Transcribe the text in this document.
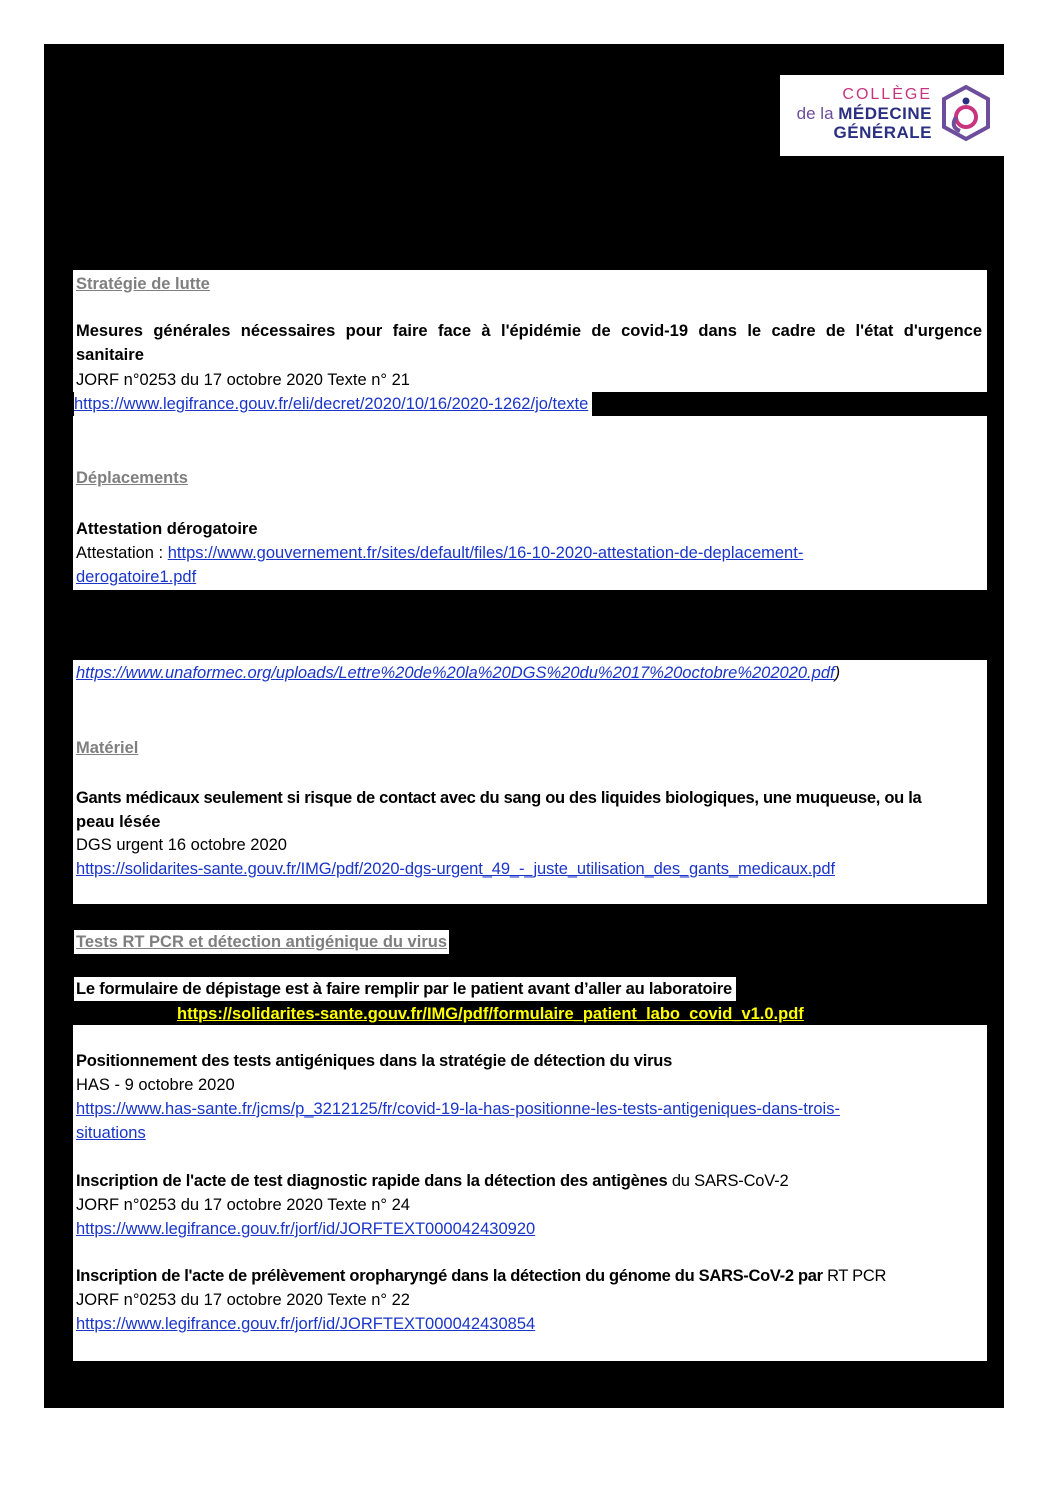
COLLÈGE
de la MÉDECINE
GÉNÉRALE
Stratégie de lutte
Mesures générales nécessaires pour faire face à l'épidémie de covid-19 dans le cadre de l'état d'urgence
sanitaire
JORF n°0253 du 17 octobre 2020 Texte n° 21
https://www.legifrance.gouv.fr/eli/decret/2020/10/16/2020-1262/jo/texte
Déplacements
Attestation dérogatoire
Attestation : https://www.gouvernement.fr/sites/default/files/16-10-2020-attestation-de-deplacement-
derogatoire1.pdf
https://www.unaformec.org/uploads/Lettre%20de%20la%20DGS%20du%2017%20octobre%202020.pdf)
Matériel
Gants médicaux seulement si risque de contact avec du sang ou des liquides biologiques, une muqueuse, ou la
peau lésée
DGS urgent 16 octobre 2020
https://solidarites-sante.gouv.fr/IMG/pdf/2020-dgs-urgent_49_-_juste_utilisation_des_gants_medicaux.pdf
Tests RT PCR et détection antigénique du virus
Le formulaire de dépistage est à faire remplir par le patient avant d’aller au laboratoire
https://solidarites-sante.gouv.fr/IMG/pdf/formulaire_patient_labo_covid_v1.0.pdf
Positionnement des tests antigéniques dans la stratégie de détection du virus
HAS - 9 octobre 2020
https://www.has-sante.fr/jcms/p_3212125/fr/covid-19-la-has-positionne-les-tests-antigeniques-dans-trois-
situations
Inscription de l'acte de test diagnostic rapide dans la détection des antigènes du SARS-CoV-2
JORF n°0253 du 17 octobre 2020 Texte n° 24
https://www.legifrance.gouv.fr/jorf/id/JORFTEXT000042430920
Inscription de l'acte de prélèvement oropharyngé dans la détection du génome du SARS-CoV-2 par RT PCR
JORF n°0253 du 17 octobre 2020 Texte n° 22
https://www.legifrance.gouv.fr/jorf/id/JORFTEXT000042430854
